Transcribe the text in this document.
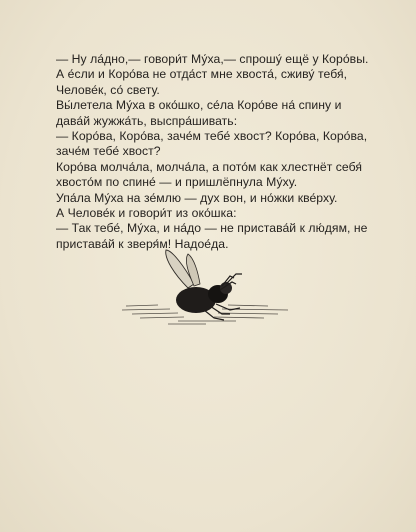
— Ну ла́дно,— говори́т Му́ха,— спрошу́ ещё у Коро́вы.

А е́сли и Коро́ва не отда́ст мне хвоста́, сживу́ тебя́,

Челове́к, со́ свету.

Вы́летела Му́ха в око́шко, се́ла Коро́ве на́ спину и

дава́й жужжа́ть, выспра́шивать:

— Коро́ва, Коро́ва, заче́м тебе́ хвост? Коро́ва, Коро́ва,

заче́м тебе́ хвост?

Коро́ва молча́ла, молча́ла, а пото́м как хлестнёт себя́

хвосто́м по спине́ — и пришлёпнула Му́ху.

Упа́ла Му́ха на зе́млю — дух вон, и но́жки кве́рху.

А Челове́к и говори́т из око́шка:

— Так тебе́, Му́ха, и на́до — не пристава́й к лю́дям, не

пристава́й к зверя́м! Надое́да.
